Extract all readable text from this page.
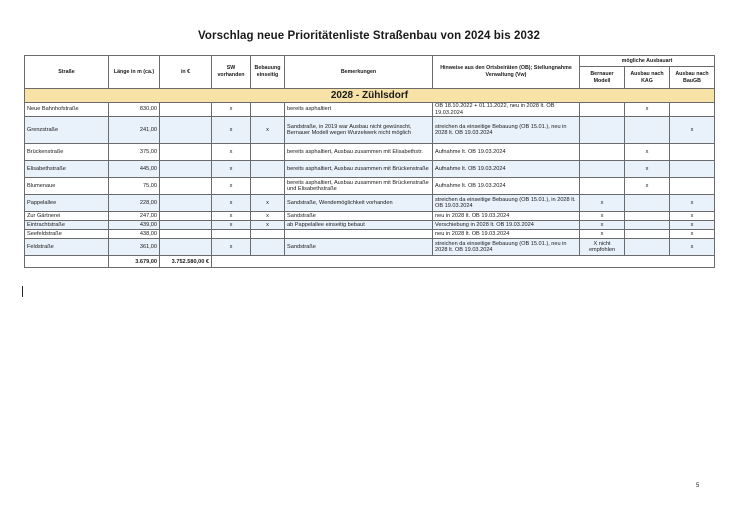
Vorschlag neue Prioritätenliste Straßenbau von 2024 bis 2032
Straße	Länge in m (ca.)	in €	SW vorhanden	Bebauung einseitig	Bemerkungen	Hinweise aus den Ortsbeiräten (OB); Stellungnahme Verwaltung (Vw)	mögliche Ausbauart		
							Bernauer Modell	Ausbau nach KAG	Ausbau nach BauGB
2028 - Zühlsdorf									
Neue Bahnhofstraße	830,00		x		bereits asphaltiert	OB 18.10.2022 + 01.11.2022, neu in 2028 lt. OB 19.03.2024		x	
Grenzstraße	241,00		x	x	Sandstraße, in 2019 war Ausbau nicht gewünscht, Bernauer Modell wegen Wurzelwerk nicht möglich	streichen da einseitige Bebauung (OB 15.01.), neu in 2028 lt. OB 19.03.2024			x
Brückenstraße	375,00		x		bereits asphaltiert, Ausbau zusammen mit Elisabethstr.	Aufnahme lt. OB 19.03.2024		x	
Elisabethstraße	445,00		x		bereits asphaltiert, Ausbau zusammen mit Brückenstraße	Aufnahme lt. OB 19.03.2024		x	
Blumenaue	75,00		x		bereits asphaltiert, Ausbau zusammen mit Brückenstraße und Elisabethstraße	Aufnahme lt. OB 19.03.2024		x	
Pappelallee	228,00		x	x	Sandstraße, Wendemöglichkeit vorhanden	streichen da einseitige Bebauung (OB 15.01.), in 2028 lt. OB 19.03.2024	x		x
Zur Gärtnerei	247,00		x	x	Sandstraße	neu in 2028 lt. OB 19.03.2024	x		x
Eintrachtstraße	439,00		x	x	ab Pappelallee einseitig bebaut	Verschiebung in 2028 lt. OB 19.03.2024	x		x
Seefeldstraße	438,00					neu in 2028 lt. OB 19.03.2024	x		x
Feldstraße	361,00		x		Sandstraße	streichen da einseitige Bebauung (OB 15.01.), neu in 2028 lt. OB 19.03.2024	X nicht empfohlen		x
	3.679,00	3.752.580,00 €							
5
